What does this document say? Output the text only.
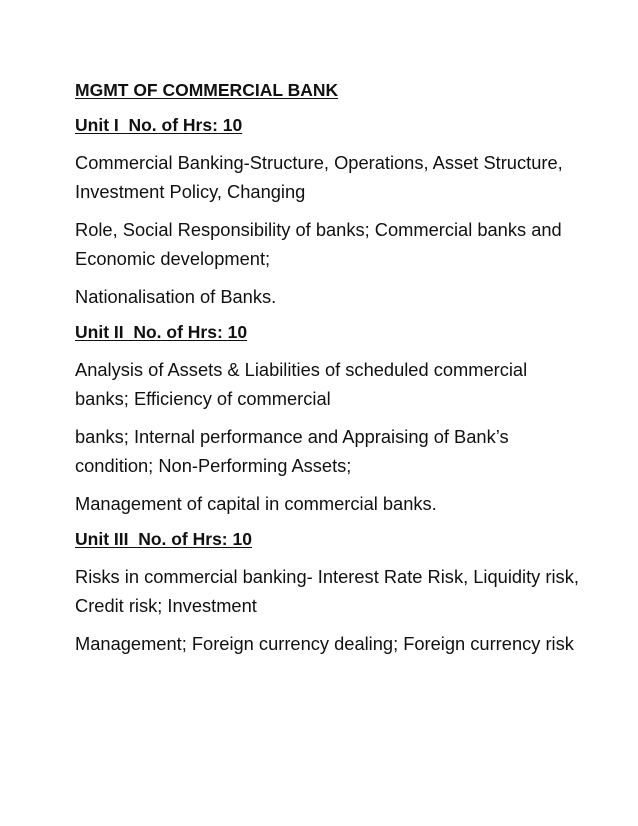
MGMT OF COMMERCIAL BANK

Unit I  No. of Hrs: 10

Commercial Banking-Structure, Operations, Asset Structure, Investment Policy, Changing

Role, Social Responsibility of banks; Commercial banks and Economic development;

Nationalisation of Banks.

Unit II  No. of Hrs: 10

Analysis of Assets & Liabilities of scheduled commercial banks; Efficiency of commercial

banks; Internal performance and Appraising of Bank’s condition; Non-Performing Assets;

Management of capital in commercial banks.

Unit III  No. of Hrs: 10

Risks in commercial banking- Interest Rate Risk, Liquidity risk, Credit risk; Investment

Management; Foreign currency dealing; Foreign currency risk
